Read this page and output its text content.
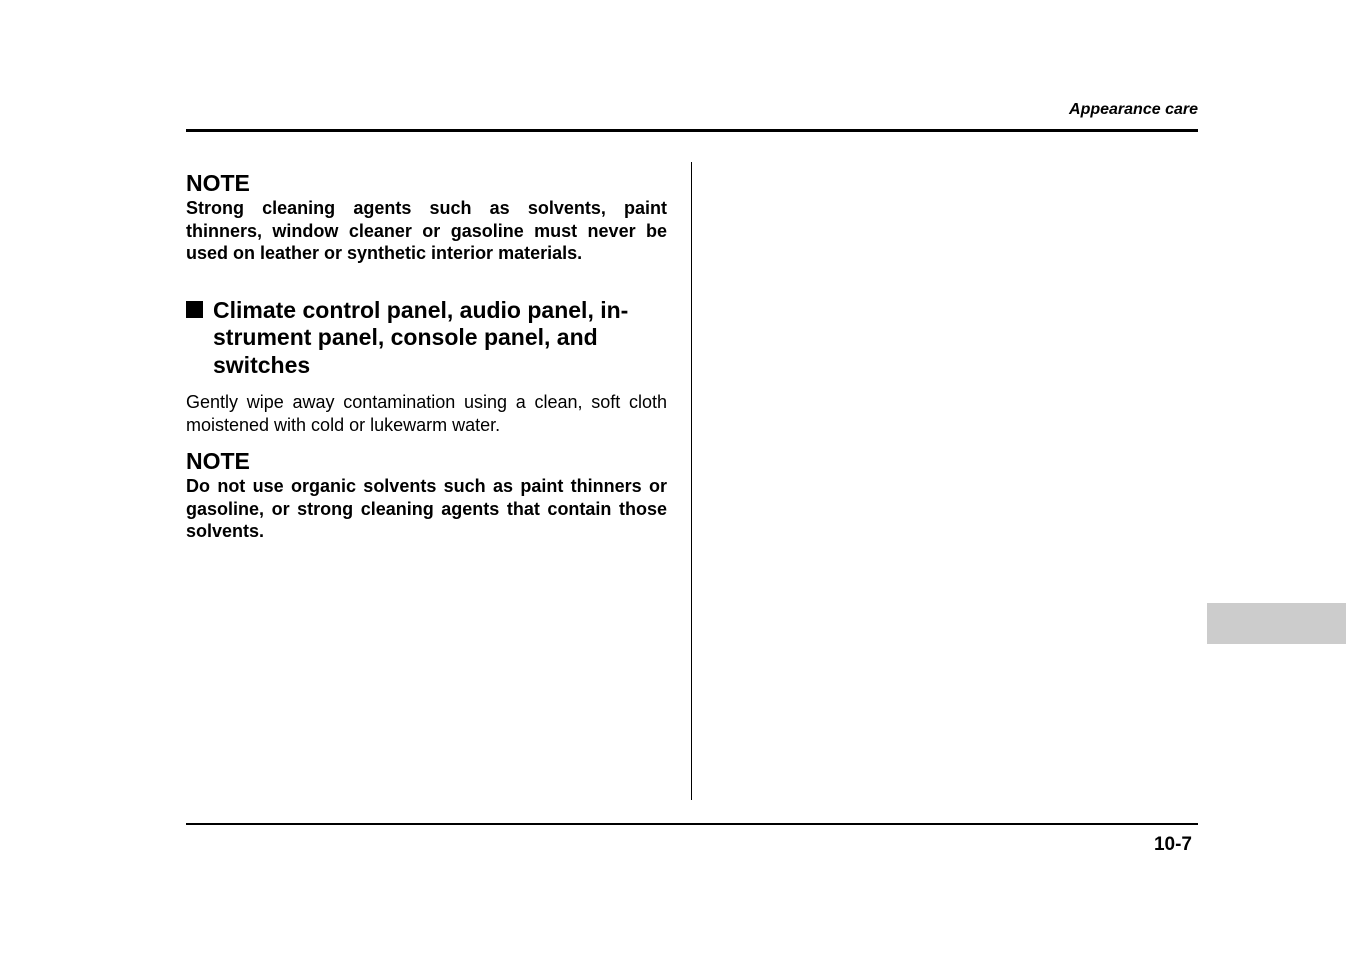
Appearance care

NOTE

Strong cleaning agents such as solvents, paint thinners, window cleaner or gasoline must never be used on leather or synthetic interior materials.

Climate control panel, audio panel, instrument panel, console panel, and switches

Gently wipe away contamination using a clean, soft cloth moistened with cold or lukewarm water.

NOTE

Do not use organic solvents such as paint thinners or gasoline, or strong cleaning agents that contain those solvents.

10-7
